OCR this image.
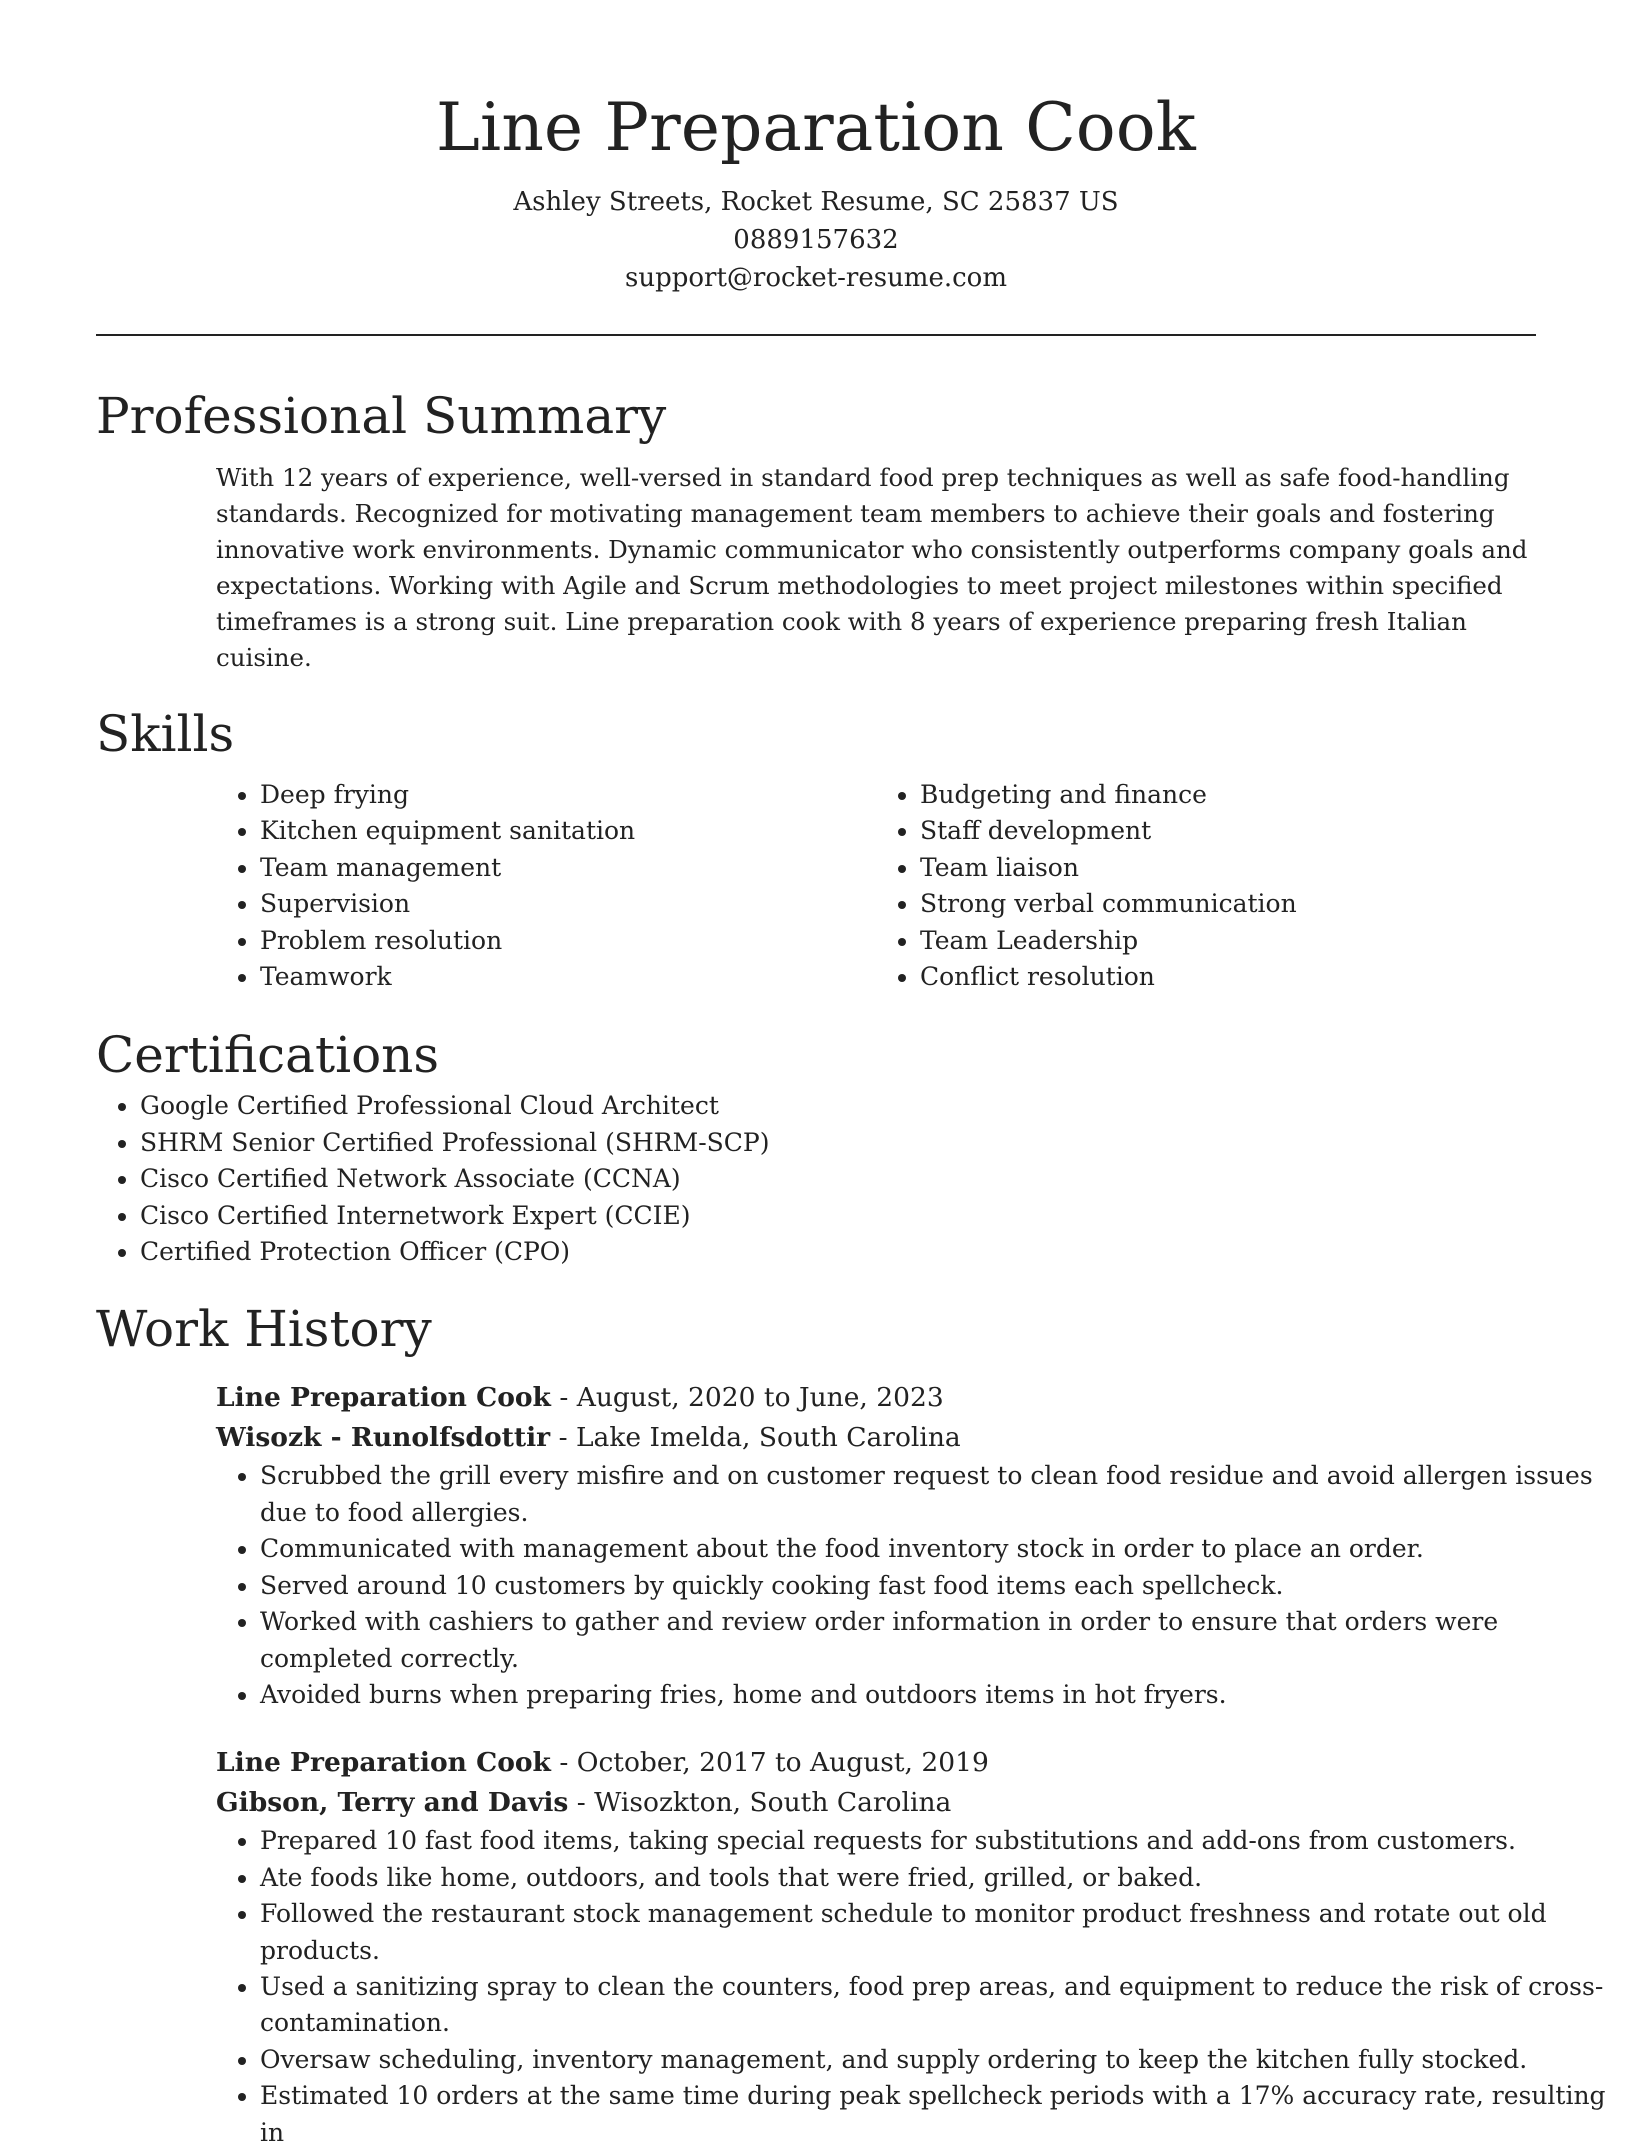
Line Preparation Cook

Ashley Streets, Rocket Resume, SC 25837 US

0889157632

support@rocket-resume.com

Professional Summary

With 12 years of experience, well-versed in standard food prep techniques as well as safe food-handling standards. Recognized for motivating management team members to achieve their goals and fostering innovative work environments. Dynamic communicator who consistently outperforms company goals and expectations. Working with Agile and Scrum methodologies to meet project milestones within specified timeframes is a strong suit. Line preparation cook with 8 years of experience preparing fresh Italian cuisine.

Skills
• Deep frying
• Kitchen equipment sanitation
• Team management
• Supervision
• Problem resolution
• Teamwork
• Budgeting and finance
• Staff development
• Team liaison
• Strong verbal communication
• Team Leadership
• Conflict resolution
Certifications
• Google Certified Professional Cloud Architect
• SHRM Senior Certified Professional (SHRM-SCP)
• Cisco Certified Network Associate (CCNA)
• Cisco Certified Internetwork Expert (CCIE)
• Certified Protection Officer (CPO)
Work History

Line Preparation Cook - August, 2020 to June, 2023

Wisozk - Runolfsdottir - Lake Imelda, South Carolina

• Scrubbed the grill every misfire and on customer request to clean food residue and avoid allergen issues due to food allergies.
• Communicated with management about the food inventory stock in order to place an order.
• Served around 10 customers by quickly cooking fast food items each spellcheck.
• Worked with cashiers to gather and review order information in order to ensure that orders were completed correctly.
• Avoided burns when preparing fries, home and outdoors items in hot fryers.

Line Preparation Cook - October, 2017 to August, 2019

Gibson, Terry and Davis - Wisozkton, South Carolina

• Prepared 10 fast food items, taking special requests for substitutions and add-ons from customers.
• Ate foods like home, outdoors, and tools that were fried, grilled, or baked.
• Followed the restaurant stock management schedule to monitor product freshness and rotate out old products.
• Used a sanitizing spray to clean the counters, food prep areas, and equipment to reduce the risk of cross-contamination.
• Oversaw scheduling, inventory management, and supply ordering to keep the kitchen fully stocked.
• Estimated 10 orders at the same time during peak spellcheck periods with a 17% accuracy rate, resulting in
